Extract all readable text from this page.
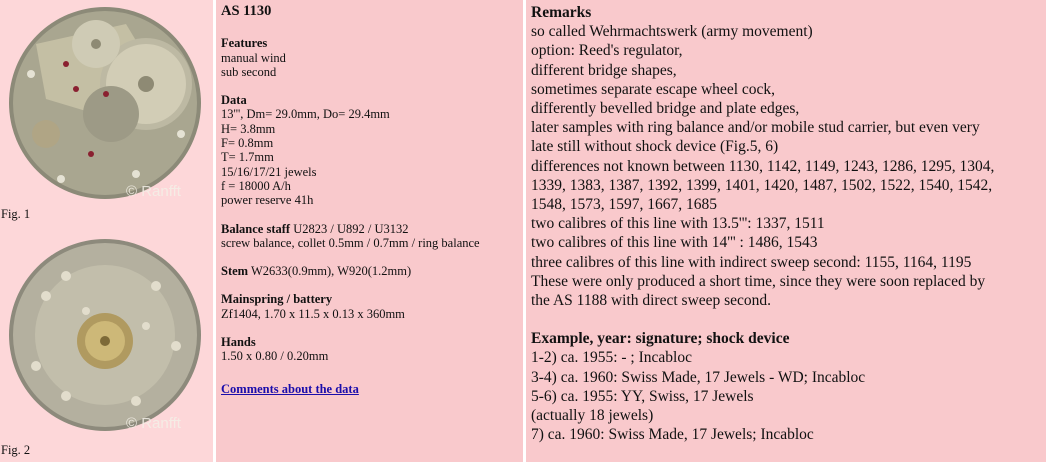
© Ranfft
Fig. 1
© Ranfft
Fig. 2
AS 1130
Features
manual wind
sub second
Data
13''', Dm= 29.0mm, Do= 29.4mm
H= 3.8mm
F= 0.8mm
T= 1.7mm
15/16/17/21 jewels
f = 18000 A/h
power reserve 41h
Balance staff U2823 / U892 / U3132
screw balance, collet 0.5mm / 0.7mm / ring balance
Stem W2633(0.9mm), W920(1.2mm)
Mainspring / battery
Zf1404, 1.70 x 11.5 x 0.13 x 360mm
Hands
1.50 x 0.80 / 0.20mm
Comments about the data
Remarks
so called Wehrmachtswerk (army movement)
option: Reed's regulator,
different bridge shapes,
sometimes separate escape wheel cock,
differently bevelled bridge and plate edges,
later samples with ring balance and/or mobile stud carrier, but even very
late still without shock device (Fig.5, 6)
differences not known between 1130, 1142, 1149, 1243, 1286, 1295, 1304,
1339, 1383, 1387, 1392, 1399, 1401, 1420, 1487, 1502, 1522, 1540, 1542,
1548, 1573, 1597, 1667, 1685
two calibres of this line with 13.5''': 1337, 1511
two calibres of this line with 14''' : 1486, 1543
three calibres of this line with indirect sweep second: 1155, 1164, 1195
These were only produced a short time, since they were soon replaced by
the AS 1188 with direct sweep second.
Example, year: signature; shock device
1-2) ca. 1955: - ; Incabloc
3-4) ca. 1960: Swiss Made, 17 Jewels - WD; Incabloc
5-6) ca. 1955: YY, Swiss, 17 Jewels
(actually 18 jewels)
7) ca. 1960: Swiss Made, 17 Jewels; Incabloc
